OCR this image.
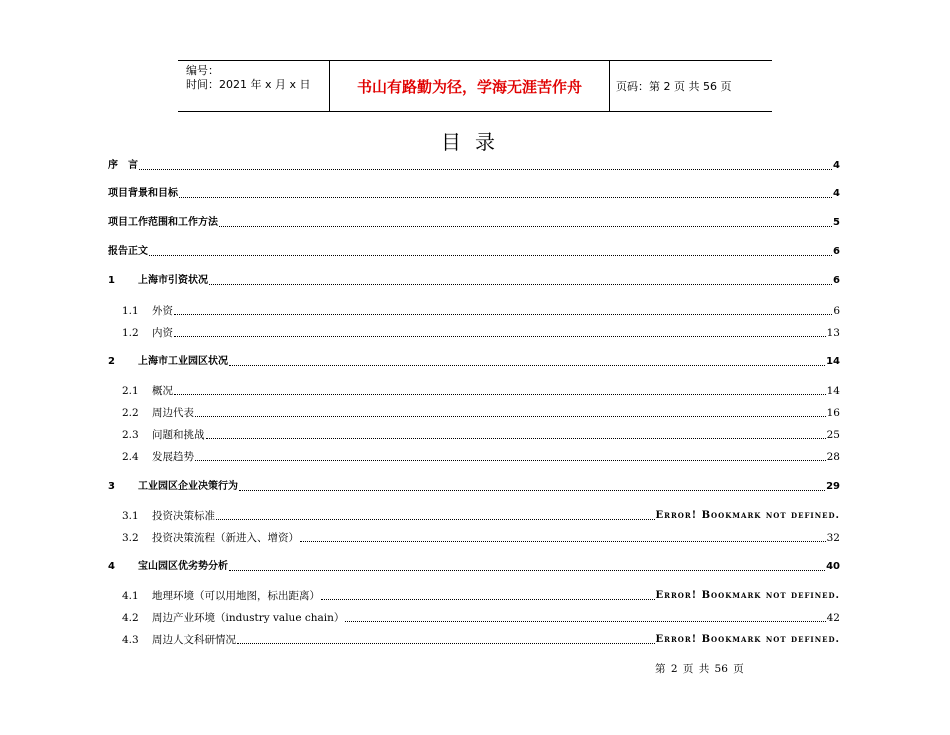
编号：
时间：2021 年 x 月 x 日	书山有路勤为径，学海无涯苦作舟	页码：第 2 页 共 56 页
目录
序　言	4
项目背景和目标	4
项目工作范围和工作方法	5
报告正文	6
1	上海市引资状况	6
1.1	外资	6
1.2	内资	13
2	上海市工业园区状况	14
2.1	概况	14
2.2	周边代表	16
2.3	问题和挑战	25
2.4	发展趋势	28
3	工业园区企业决策行为	29
3.1	投资决策标准	Error! Bookmark not defined.
3.2	投资决策流程（新进入、增资）	32
4	宝山园区优劣势分析	40
4.1	地理环境（可以用地图，标出距离）	Error! Bookmark not defined.
4.2	周边产业环境（industry value chain）	42
4.3	周边人文科研情况	Error! Bookmark not defined.
第 2 页 共 56 页
